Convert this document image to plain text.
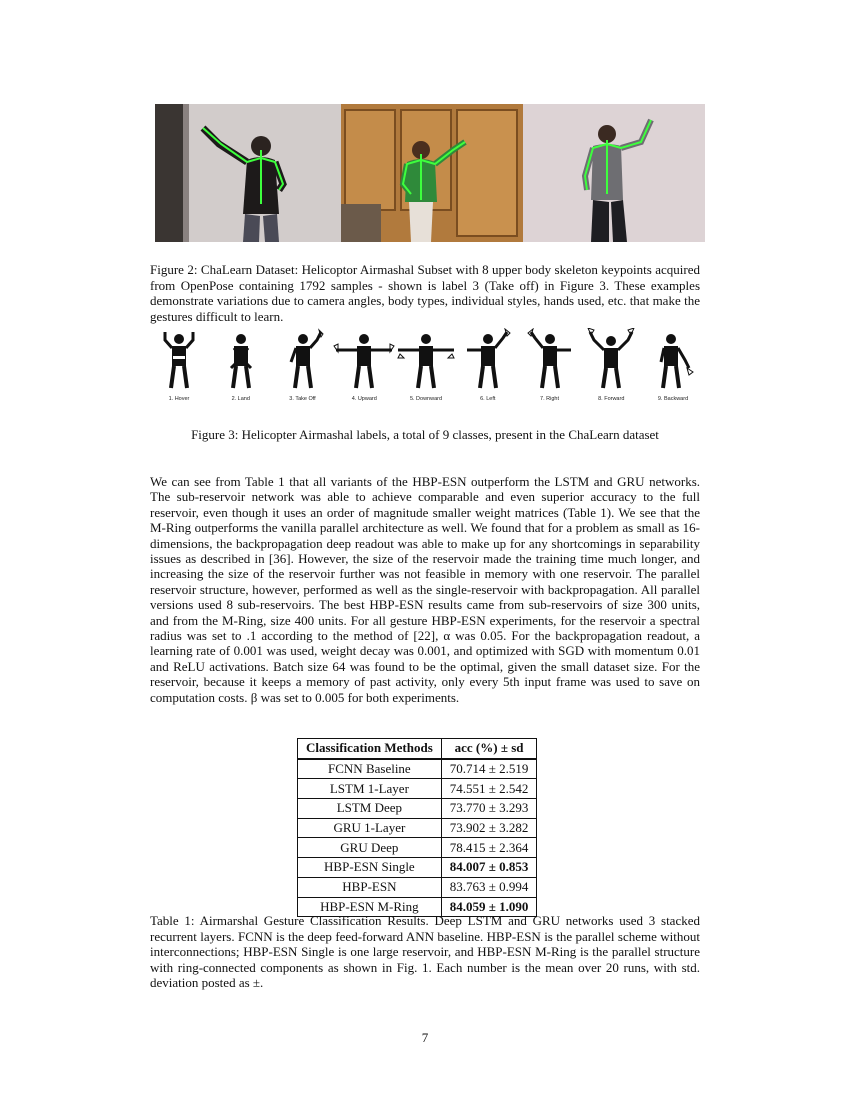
Figure 2: ChaLearn Dataset: Helicoptor Airmashal Subset with 8 upper body skeleton keypoints acquired from OpenPose containing 1792 samples - shown is label 3 (Take off) in Figure 3. These examples demonstrate variations due to camera angles, body types, individual styles, hands used, etc. that make the gestures difficult to learn.
1. Hover	2. Land	3. Take Off	4. Upward	5. Downward	6. Left	7. Right	8. Forward	9. Backward
Figure 3: Helicopter Airmashal labels, a total of 9 classes, present in the ChaLearn dataset

We can see from Table 1 that all variants of the HBP-ESN outperform the LSTM and GRU networks. The sub-reservoir network was able to achieve comparable and even superior accuracy to the full reservoir, even though it uses an order of magnitude smaller weight matrices (Table 1). We see that the M-Ring outperforms the vanilla parallel architecture as well. We found that for a problem as small as 16-dimensions, the backpropagation deep readout was able to make up for any shortcomings in separability issues as described in [36]. However, the size of the reservoir made the training time much longer, and increasing the size of the reservoir further was not feasible in memory with one reservoir. The parallel reservoir structure, however, performed as well as the single-reservoir with backpropagation. All parallel versions used 8 sub-reservoirs. The best HBP-ESN results came from sub-reservoirs of size 300 units, and from the M-Ring, size 400 units. For all gesture HBP-ESN experiments, for the reservoir a spectral radius was set to .1 according to the method of [22], α was 0.05. For the backpropagation readout, a learning rate of 0.001 was used, weight decay was 0.001, and optimized with SGD with momentum 0.01 and ReLU activations. Batch size 64 was found to be the optimal, given the small dataset size. For the reservoir, because it keeps a memory of past activity, only every 5th input frame was used to save on computation costs. β was set to 0.005 for both experiments.

Classification Methods	acc (%) ± sd
FCNN Baseline	70.714 ± 2.519
LSTM 1-Layer	74.551 ± 2.542
LSTM Deep	73.770 ± 3.293
GRU 1-Layer	73.902 ± 3.282
GRU Deep	78.415 ± 2.364
HBP-ESN Single	84.007 ± 0.853
HBP-ESN	83.763 ± 0.994
HBP-ESN M-Ring	84.059 ± 1.090
Table 1: Airmarshal Gesture Classification Results. Deep LSTM and GRU networks used 3 stacked recurrent layers. FCNN is the deep feed-forward ANN baseline. HBP-ESN is the parallel scheme without interconnections; HBP-ESN Single is one large reservoir, and HBP-ESN M-Ring is the parallel structure with ring-connected components as shown in Fig. 1. Each number is the mean over 20 runs, with std. deviation posted as ±.
7
